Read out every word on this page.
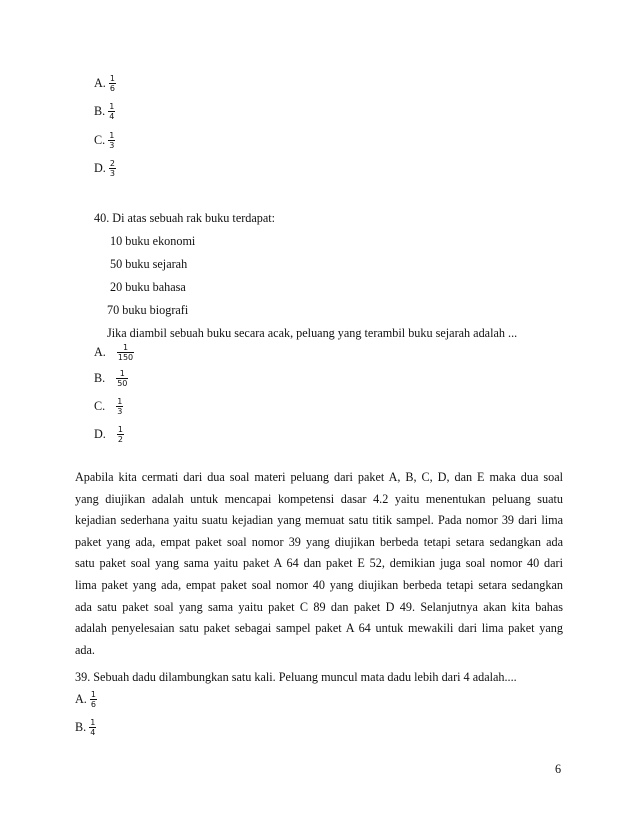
A. $\frac{1}{6}$
B. $\frac{1}{4}$
C. $\frac{1}{3}$
D. $\frac{2}{3}$
40. Di atas sebuah rak buku terdapat:
10 buku ekonomi
50 buku sejarah
20 buku bahasa
70 buku biografi
Jika diambil sebuah buku secara acak, peluang yang terambil buku sejarah adalah ...
A. $\frac{1}{150}$
B. $\frac{1}{50}$
C. $\frac{1}{3}$
D. $\frac{1}{2}$
Apabila kita cermati dari dua soal materi peluang dari paket A, B, C, D, dan E maka dua soal
yang diujikan adalah untuk mencapai kompetensi dasar 4.2 yaitu menentukan peluang suatu
kejadian sederhana yaitu suatu kejadian yang memuat satu titik sampel. Pada nomor 39 dari lima
paket yang ada, empat paket soal nomor 39 yang diujikan berbeda tetapi setara sedangkan ada
satu paket soal yang sama yaitu paket A 64 dan paket E 52, demikian juga soal nomor 40 dari
lima paket yang ada, empat paket soal nomor 40 yang diujikan berbeda tetapi setara sedangkan
ada satu paket soal yang sama yaitu paket C 89 dan paket D 49. Selanjutnya akan kita bahas
adalah penyelesaian satu paket sebagai sampel paket A 64 untuk mewakili dari lima paket yang
ada.
39. Sebuah dadu dilambungkan satu kali. Peluang muncul mata dadu lebih dari 4 adalah....
A. $\frac{1}{6}$
B. $\frac{1}{4}$
6
